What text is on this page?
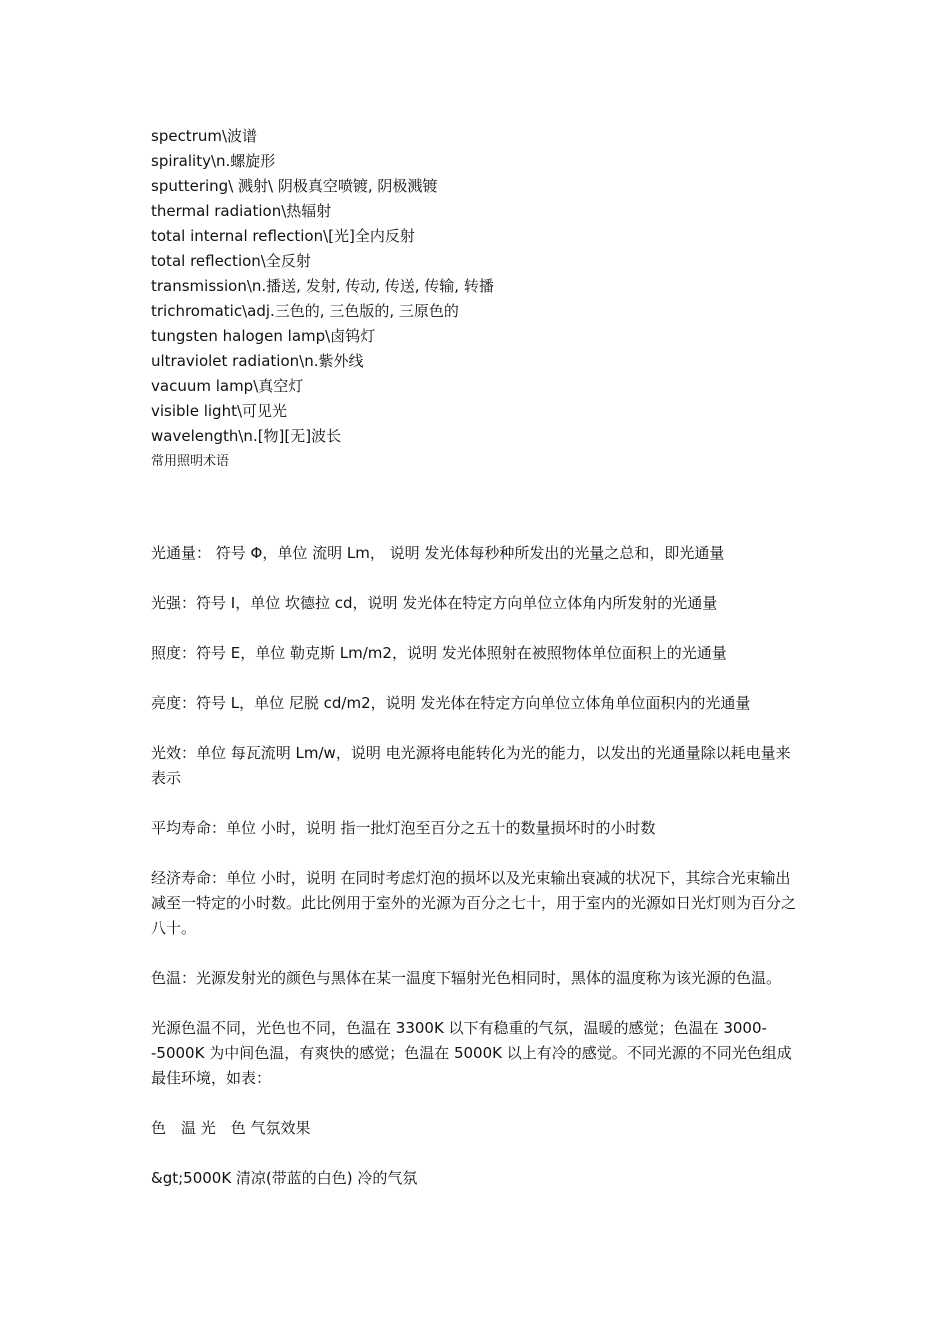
spectrum\波谱
spirality\n.螺旋形
sputtering\ 溅射\ 阴极真空喷镀, 阴极溅镀
thermal radiation\热辐射
total internal reflection\[光]全内反射
total reflection\全反射
transmission\n.播送, 发射, 传动, 传送, 传输, 转播
trichromatic\adj.三色的, 三色版的, 三原色的
tungsten halogen lamp\卤钨灯
ultraviolet radiation\n.紫外线
vacuum lamp\真空灯
visible light\可见光
wavelength\n.[物][无]波长
常用照明术语

光通量： 符号 Φ，单位 流明 Lm， 说明 发光体每秒种所发出的光量之总和，即光通量

光强：符号 I，单位 坎德拉 cd，说明 发光体在特定方向单位立体角内所发射的光通量

照度：符号 E，单位 勒克斯 Lm/m2，说明 发光体照射在被照物体单位面积上的光通量

亮度：符号 L，单位 尼脱 cd/m2，说明 发光体在特定方向单位立体角单位面积内的光通量

光效：单位 每瓦流明 Lm/w，说明 电光源将电能转化为光的能力，以发出的光通量除以耗电量来表示

平均寿命：单位 小时，说明 指一批灯泡至百分之五十的数量损坏时的小时数

经济寿命：单位 小时，说明 在同时考虑灯泡的损坏以及光束输出衰减的状况下，其综合光束输出减至一特定的小时数。此比例用于室外的光源为百分之七十，用于室内的光源如日光灯则为百分之八十。

色温：光源发射光的颜色与黑体在某一温度下辐射光色相同时，黑体的温度称为该光源的色温。

光源色温不同，光色也不同，色温在 3300K 以下有稳重的气氛，温暖的感觉；色温在 3000--5000K 为中间色温，有爽快的感觉；色温在 5000K 以上有冷的感觉。不同光源的不同光色组成最佳环境，如表：

色　温 光　色 气氛效果

&gt;5000K 清凉(带蓝的白色) 冷的气氛
